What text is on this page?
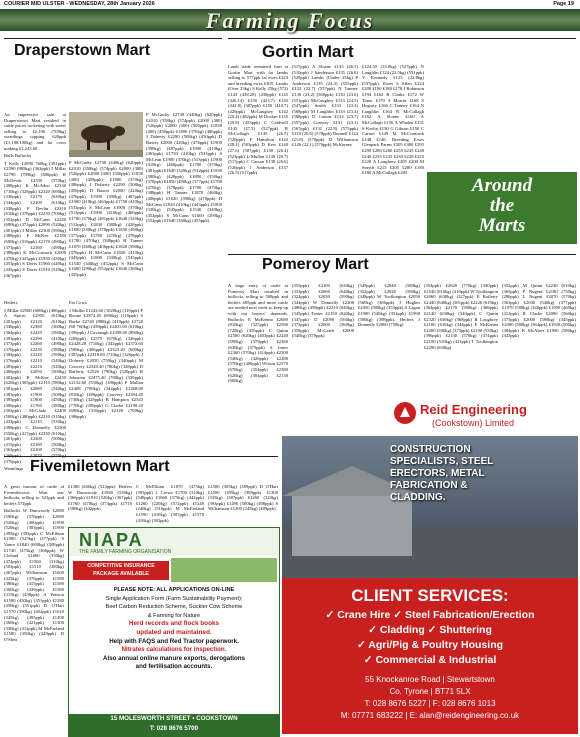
COURIER MID ULSTER - WEDNESDAY, 28th January 2026	Page 19
Farming Focus
Draperstown Mart

An impressive sale at Draperstown Mart resulted in cattle prices rocketing with steers selling to £2,190 (709kg) weanlings topping 620ppk (£1,180/190kg) and fat cows making £1,243.60.

Bulls Bullocks

T Kelly £2090 760kg (391ppk) £2590 (909kg) (362ppk) J Millar £2790 (709kg) (386ppk) R McDevitt £2330 (570kg) (408ppk) K McAdoo £2330 (710kg) (328ppk) £2320 (690kg) (336ppk) £2170 (630kg) (344ppk) £2100 (610kg) (338ppk) F Devlin £2310 (610kg) (378ppk) £2250 (700kg) (352ppk) D McCann £2240 (690kg) (373ppk) £2090 (520kg) (401ppk) J Millar £2300 (590kg) (389ppk) P McKee £2180 (690kg) (316ppk) £2170 (490kg) (373ppk) £2160 (490kg) (388ppk) K McCormack £2000 (470kg) (425ppk) £1950 (430kg) (453ppk) S Davis £1960 (440kg) (445ppk) S Davis £1910 (520kg) (367ppk)

P McGurky £2730 (440kg) (620ppk) £2010 (358kg) (574ppk) £2000 (380) (526ppk) £2000 (400) (500ppk) £1830 (400) (458ppk) £1800 (370kg) (486ppk) J Doherty £2290 (508kg) (450ppk) D Baxter £2000 (420kg) (476ppk) £1900 (390kg) (487ppk) £1900 (410kg) (463ppk) £1750 (410kg) (533ppk) S McLean £1900 (370kg) (513ppk) £1900 (410kg) (460ppk) £1780 (370kg) (481ppk) £1640 (320kg) (512ppk) £1830 (380kg) (428ppk) £1890 (350kg) (378ppk) £1850 (490kg) (377ppk) £1780 (470kg) (378ppk) £1780 (470kg) (388ppk) H Tanner £1870 (460kg) (406ppk) £1820 (390kg) (470ppk) H McCann £1820 (410kg) (443ppk) £1800 (330kg) (545ppk) £1540 (340kg) (452ppk) S McCann £1600 (290kg) (552ppk) £1640 (360kg) (455ppk)

Heifers

J Millar £2560 (608kg) (406ppk) A Spicer £2950 (610kg) (401ppk) £2120 (610kg) (348ppk) £2380 (360kg) (364ppk) £2420 (590kg) (393ppk) £2290 (410kg) (373ppk) £2260 (490kg) (370ppk) £2230 (580kg) (384ppk) £2220 (590kg) (376ppk) £2210 (540kg) (403ppk) £2210 (520kg) (400ppk) £2050 (500kg) (402ppk) P McKee £2430 (620kg) (365ppk) £2110 (580kg) (381ppk) £2080 (540kg) (385ppk) £1900 (500kg) (395ppk) £1800 (450kg) (400ppk) £1760 (580kg) (303ppk) McGlade £2400 (500kg) (480ppk) £2210 (510kg) (433ppk) £2110 (530kg) (398ppk) C Donnelly £2300 (550kg) (417ppk) £2350 (610kg) (401ppk) £2300 (500kg) (415ppk) £2180 (500kg) (363ppk) £2100 (570kg) (376ppk)

Weanlings

Fat Cows

J Mullin £1243.60 (1020kg) (119ppk) P Boone £2874.40 (690kg) (116ppk) S Burke £2748 (880kg) (410ppk) £2720 (60 760kg) (358ppk) £2401.60 (610kg) (390ppk) J Cavanagh £2398.60 (890kg) (269ppk) £2575 (670kg) (326ppk) £2428.20 (710kg) (342ppk) £2373.60 (590kg) (406ppk) £2323.20 (600kg) (387ppk) £2318.60 (710kg) (326ppk) J Doherty £2050 (750kg) (340ppk) M Convery £2540.40 (780kg) (348ppk) D Rafferty £2526 (790kg) (320ppk) B Johnston £2475.40 (780kg) (339ppk) £2132.60 (550kg) (380ppk) P Mullan £2408 (700kg) (344ppk) £2268.80 (810kg) (280ppk) Convery £2394.40 (730kg) (328ppk) R Hampton £2343 (770kg) (300ppk) G Clarke £2198.20 (690kg) (318ppk) £2128 (700kg) (306ppk)

P McGurky £2730 (440kg) (620ppk) £2010 (358kg) (574ppk) £2000 (380) (526ppk) £2000 (400) (500ppk) £1830 (400) (458ppk) £1800 (370kg) (486ppk) J Doherty £2290 (508kg) (450ppk) D Baxter £2000 (420kg) (476ppk) £1900 (390kg) (487ppk) £1900 (410kg) (463ppk) £1750 (410kg) (533ppk) S McLean £1900 (370kg) (513ppk) £1900 (410kg) (460ppk) £1780 (370kg) (481ppk) £1640 (320kg) (512ppk) £1830 (380kg) (428ppk) £1890 (350kg) (378ppk) £1850 (490kg) (377ppk) £1780 (470kg) (378ppk) £1780 (470kg) (388ppk) H Tanner £1870 (460kg) (406ppk) £1820 (390kg) (470ppk) H McCann £1820 (410kg) (443ppk) £1800 (330kg) (545ppk) £1540 (340kg) (452ppk) S McCann £1600 (290kg) (552ppk) £1640 (360kg) (455ppk)

Gortin Mart

Lamb trade remained firm at Gortin Mart with fat lambs selling to 577ppk fat ewes £223 and breeding ewes £305. Lambs (Over 25kg) S Kelly 25kg (572) £143 (438.28) (438ppk) £145 (426.14) £150 (423.7) £145 (442.8) (387ppk) £150 (410.7) (420ppk) McGaughey £142 (29.4) (482ppk) M Doolan £135 (29.8) (453ppk) C Caldwell £145 (27.5) (527ppk) R McCullagh £145 (26.5) (520ppk) F Hamilton £142 (28.1) (505ppk) D Kerr £140 (27.6) (507ppk) £138 (26.4) (523ppk) L Mullan £138 (26.7) (517ppk) C Carson £138 (26.6) (520ppk) J Anderson £137 (26.5) (517ppk)

(517ppk) A Sloane £135 (26.5) (510ppk) J Sanderson £135 (26.6) (529ppk) Lambs (Under 25kg) P Anderson £135 (24.3) (555ppk) £132 (23.7) (557ppk) N Tanney £130 (23.2) (560ppk) £130 (23.6) (551ppk) McCaughey £133 (24.3) (547ppk) Smith £133 (23.4) (568ppk) M Laughlin £133 (23.4) (568ppk) D Carton £132 (23.7) (557ppk) Conway £131 (23.1) (567ppk) £131 (22.8) (575ppk) £119 (20.6) (578ppk) Donnell £124 (21.8) (570ppk) D Williamson £126 (22.1) (570ppk) McKerney

£124.50 (23.0kg) (527ppk) N Laughlin £124 (22.5kg) (551ppk) V Kennedy £125 (22.8kg) (537ppk). Ewes S Allen £224 £200 £190 £180 £178 J Robinson £194 £162 R Clarke £172 W Toner £170 A Morrin £168 S Hegarty £166 C Tanney £164 N Laughlin £164 R McCullagh £162 A Sloane £160 A McCullagh £156 A Whalen £151 S Kerlin £150 G Gibson £150 C Carton £149 M McCormack £148 £146. Breeding Ewes Glenpark Farms £305 £300 £295 £290 £280 £260 £255 £245 £240 £240 £235 £235 £230 £228 £225 £220 A Loughrey £205 £200 M Smyth £215 £205 £200 £180 £180 A McCullagh £205.

Around
the
Marts
Pomeroy Mart

A large entry of cattle at Pomeroy Mart resulted in bullocks selling to 508ppk and heifers 485ppk and more cattle are needed next week to keep up with our buyers' demands. Bullocks E McKenna £2680 (810kg) (327ppk) £2560 (720kg) (356ppk) C Quinn £2500 (620kg) (403ppk) £2240 (590kg) (379ppk) £2360 (630kg) (375ppk) S Jones £2360 (570kg) (414ppk) £2300 (540kg) (426ppk) £2280 (570kg) (400ppk) Wilson £2370 (670kg) (354ppk) £2380 (620kg) (384ppk) £2130 (600kg)

(355ppk) £2100 (630kg) (333ppk) £2060 (640kg) (322ppk) £2030 (590kg) (344ppk) W Donnelly £2200 (480kg) (458ppk) £2210 (640kg) (345ppk) Foster £2150 (620kg) (347ppk) D £2090 (560kg) (373ppk) £2000 (560kg) (358ppk) McGrath £2000 (540kg) (370ppk)

(349ppk) £2040 (580kg) (352ppk) £2020 (580kg) (348ppk) W Toolkington £2050 (560kg) (366ppk) J Hughes £2050 (580kg) (353ppk) A Lagan £1900 (540kg) (352ppk) £1990 (500kg) (398ppk). Heifers J Donnelly £2060 (750kg)

(354ppk) £2620 (770kg) (340ppk) £2540 (610kg) (416ppk) W Toolkington £2060 (630kg) (327ppk) E Rafferty £2440 (640kg) (381ppk) £2220 (610kg) (364ppk) £2170 (590kg) (368ppk) £2140 (630kg) (340ppk) C Quinn £2320 (630kg) (368ppk) R Loughrey £2100 (610kg) (344ppk) E McKenna £2200 (590kg) (373ppk) £2100 (530kg) (396ppk) £2130 (570kg) (374ppk) £2100 (510kg) (411ppk) T Toolkington £2290 (650kg)

(352ppk) M Quinn £2230 (610kg) (365ppk) P Nugent £2180 (750kg) (290ppk) L Nugent £2070 (570kg) (363ppk) £2040 (540kg) (377ppk) £1970 (580kg) (340ppk) £1900 (460kg) (413ppk) R Clarke £2090 (560kg) (373ppk) £2000 (580kg) (345ppk) £2000 (580kg) (364ppk) £1920 (500kg) (384ppk) K McAleer £1990 (580kg) (343ppk)

Reid Engineering
(Cookstown) Limited
CONSTRUCTION
SPECIALISTS, STEEL
ERECTORS, METAL
FABRICATION &
CLADDING.
CLIENT SERVICES:
✓ Crane Hire ✓ Steel Fabrication/Erection
✓ Cladding ✓ Shuttering
✓ Agri/Pig & Poultry Housing
✓ Commercial & Industrial
55 Knockanroe Road | Stewartstown
Co. Tyrone | BT71 5LX
T: 028 8676 5227 | F: 028 8676 1013
M: 07771 683222 | E: alan@reidengineering.co.uk
Fivemiletown Mart

A great turnout of cattle at Fivemiletown Mart saw bullocks selling to 523ppk and heifers 572ppk.

Bullocks W Dunwoody £2080 (590kg) (376ppk) £2080 (520kg) (400ppk) £1990 (520kg) (383ppk) £1990 (495kg) (393ppk) C McElhinn £1980 (525kg) (377ppk) S Vance £1840 (600kg) (308ppk) £1740 (475kg) (366ppk) W Cleland £1660 (350kg) (474ppk) £1560 (310kg) (503ppk) £1510 (280kg) (467ppk) Williamson £1600 (425kg) (376ppk) £1580 (380kg) (415ppk) £1580 (360kg) (439ppk) £1580 (315kg) (438ppk) A Watson £1580 (450kg) (351ppk) £1580 (450kg) (351ppk) D O'Hart £1570 (390kg) (402ppk) £1610 (345kg) (495ppk) £1490 (360kg) (421ppk) £1300 (330kg) (412ppk) M McFarland £1500 (350kg) (428ppk) D O'Shea

£1380 (260kg) (523ppk). Heifers W Dunwoody £1940 (530kg) (366ppk) £1910 (520kg) (367ppk) £1760 (470kg) (374ppk) £1710 (500kg) (342ppk)

C McElhinn £1870 (475kg) (393ppk) L Crowe £1700 (310kg) (548ppk) £1660 (375kg) (442ppk) £1260 (220kg) (572ppk) £1240 (240kg) (516ppk) M McFarland £1590 (410kg) (387ppk) £1570 (410kg) (382ppk)

£1500 (385kg) (389ppk) D O'Hart £1500 (385kg) (389ppk) £1300 (335kg) (387ppk) £1260 (320kg) (393ppk) £1490 (500kg) (498ppk) S Williamson £1200 (245kg) (489ppk).

NIAPA
THE FAMILY FARMING ORGANISATION
COMPETITIVE INSURANCE
PACKAGE AVAILABLE
PLEASE NOTE: ALL APPLICATIONS ON-LINE
Single Application Form (Farm Sustainability Payment);
Beef Carbon Reduction Scheme, Suckler Cow Scheme
& Farming for Nature
Herd records and flock books
updated and maintained.
Help with FAQS and Red Tractor paperwork.
Nitrates calculations for inspection.
Also annual online manure exports, derogations
and fertilisation accounts.
15 MOLESWORTH STREET • COOKSTOWN
T: 028 8676 5700
